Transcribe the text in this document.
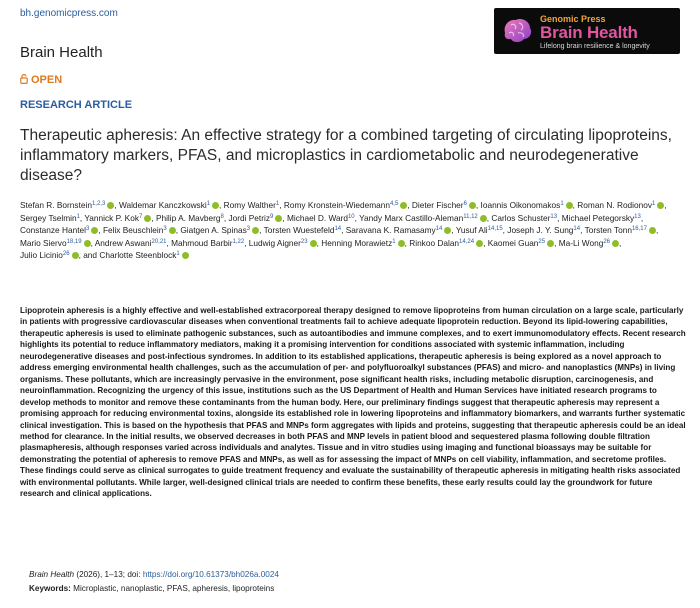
bh.genomicpress.com	Genomic Press
Brain Health
Lifelong brain resilience & longevity
Brain Health
OPEN
RESEARCH ARTICLE
Therapeutic apheresis: An effective strategy for a combined targeting of circulating lipoproteins, inflammatory markers, PFAS, and microplastics in cardiometabolic and neurodegenerative disease?
Stefan R. Bornstein$^{1,2,3}$ , Waldemar Kanczkowski$^1$ , Romy Walther$^1$, Romy Kronstein-Wiedemann$^{4,5}$ , Dieter Fischer$^6$ , Ioannis Oikonomakos$^1$ , Roman N. Rodionov$^1$ , Sergey Tselmin$^1$, Yannick P. Kok$^7$ , Philip A. Mavberg$^8$, Jordi Petriz$^9$ , Michael D. Ward$^{10}$, Yandy Marx Castillo-Aleman$^{11,12}$ , Carlos Schuster$^{13}$, Michael Petegorsky$^{13}$, Constanze Hantel$^3$ , Felix Beuschlein$^3$ , Giatgen A. Spinas$^3$ , Torsten Wuestefeld$^{14}$, Saravana K. Ramasamy$^{14}$ , Yusuf Ali$^{14,15}$, Joseph J. Y. Sung$^{14}$, Torsten Tonn$^{16,17}$ , Mario Siervo$^{18,19}$ , Andrew Aswani$^{20,21}$, Mahmoud Barbir$^{1,22}$, Ludwig Aigner$^{23}$ , Henning Morawietz$^1$ , Rinkoo Dalan$^{14,24}$ , Kaomei Guan$^{25}$ , Ma-Li Wong$^{26}$ , Julio Licinio$^{26}$ , and Charlotte Steenblock$^1$

Lipoprotein apheresis is a highly effective and well-established extracorporeal therapy designed to remove lipoproteins from human circulation on a large scale, particularly in patients with progressive cardiovascular diseases when conventional treatments fail to achieve adequate lipoprotein reduction. Beyond its lipid-lowering capabilities, therapeutic apheresis is used to eliminate pathogenic substances, such as autoantibodies and immune complexes, and to exert immunomodulatory effects. Recent research highlights its potential to reduce inflammatory mediators, making it a promising intervention for conditions associated with systemic inflammation, including neurodegenerative diseases and post-infectious syndromes. In addition to its established applications, therapeutic apheresis is being explored as a novel approach to address emerging environmental health challenges, such as the accumulation of per- and polyfluoroalkyl substances (PFAS) and micro- and nanoplastics (MNPs) in living organisms. These pollutants, which are increasingly pervasive in the environment, pose significant health risks, including metabolic disruption, carcinogenesis, and neuroinflammation. Recognizing the urgency of this issue, institutions such as the US Department of Health and Human Services have initiated research programs to develop methods to monitor and remove these contaminants from the human body. Here, our preliminary findings suggest that therapeutic apheresis may represent a promising approach for reducing environmental toxins, alongside its established role in lowering lipoproteins and inflammatory biomarkers, and warrants further systematic clinical investigation. This is based on the hypothesis that PFAS and MNPs form aggregates with lipids and proteins, suggesting that therapeutic apheresis could be an ideal method for clearance. In the initial results, we observed decreases in both PFAS and MNP levels in patient blood and sequestered plasma following double filtration plasmapheresis, although responses varied across individuals and analytes. Tissue and in vitro studies using imaging and functional bioassays may be suitable for demonstrating the potential of apheresis to remove PFAS and MNPs, as well as for assessing the impact of MNPs on cell viability, inflammation, and secretome profiles. These findings could serve as clinical surrogates to guide treatment frequency and evaluate the sustainability of therapeutic apheresis in mitigating health risks associated with environmental pollutants. While larger, well-designed clinical trials are needed to confirm these benefits, these early results could lay the groundwork for future research and clinical applications.

Brain Health (2026), 1–13; doi: https://doi.org/10.61373/bh026a.0024
Keywords: Microplastic, nanoplastic, PFAS, apheresis, lipoproteins
